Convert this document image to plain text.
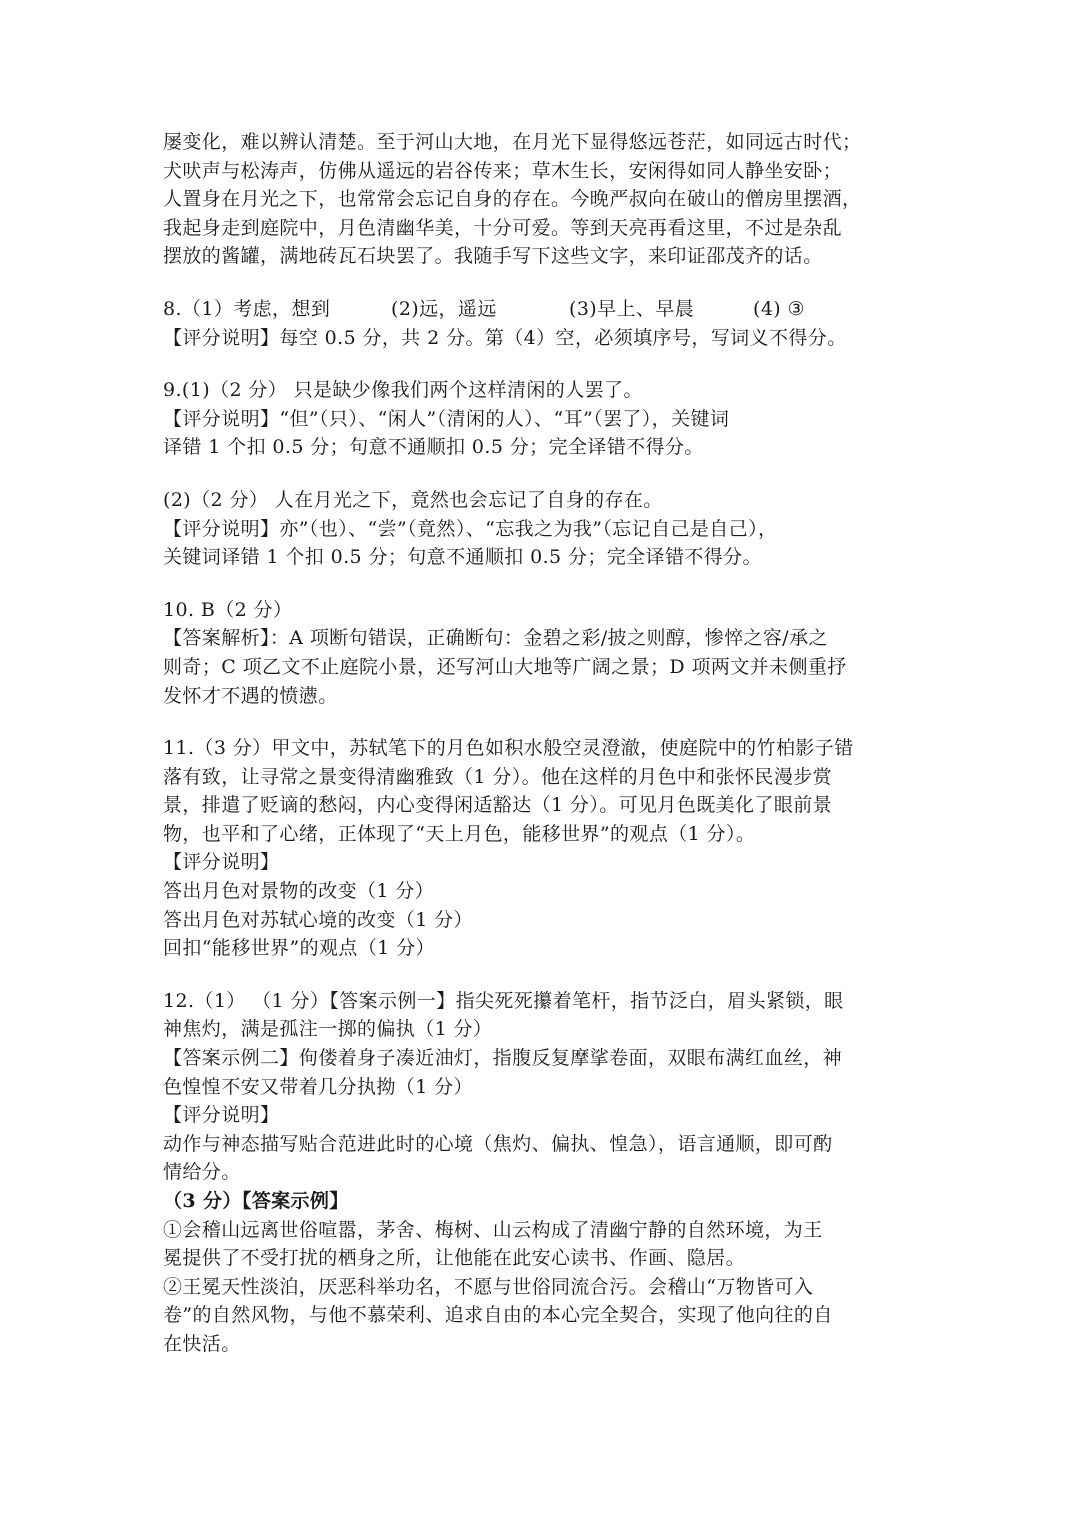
屡变化，难以辨认清楚。至于河山大地，在月光下显得悠远苍茫，如同远古时代；
犬吠声与松涛声，仿佛从遥远的岩谷传来；草木生长，安闲得如同人静坐安卧；
人置身在月光之下，也常常会忘记自身的存在。今晚严叔向在破山的僧房里摆酒，
我起身走到庭院中，月色清幽华美，十分可爱。等到天亮再看这里，不过是杂乱
摆放的酱罐，满地砖瓦石块罢了。我随手写下这些文字，来印证邵茂齐的话。
8.（1）考虑，想到	(2)远，遥远	(3)早上、早晨	(4) ③
【评分说明】每空 0.5 分，共 2 分。第（4）空，必须填序号，写词义不得分。
9.(1)（2 分） 只是缺少像我们两个这样清闲的人罢了。
【评分说明】“但”（只）、“闲人”（清闲的人）、“耳”（罢了），关键词
译错 1 个扣 0.5 分；句意不通顺扣 0.5 分；完全译错不得分。
(2)（2 分） 人在月光之下，竟然也会忘记了自身的存在。
【评分说明】亦”（也）、“尝”（竟然）、“忘我之为我”（忘记自己是自己），
关键词译错 1 个扣 0.5 分；句意不通顺扣 0.5 分；完全译错不得分。
10. B（2 分）
【答案解析】：A 项断句错误，正确断句：金碧之彩/披之则醇，惨悴之容/承之
则奇；C 项乙文不止庭院小景，还写河山大地等广阔之景；D 项两文并未侧重抒
发怀才不遇的愤懑。
11.（3 分）甲文中，苏轼笔下的月色如积水般空灵澄澈，使庭院中的竹柏影子错
落有致，让寻常之景变得清幽雅致（1 分）。他在这样的月色中和张怀民漫步赏
景，排遣了贬谪的愁闷，内心变得闲适豁达（1 分）。可见月色既美化了眼前景
物，也平和了心绪，正体现了“天上月色，能移世界”的观点（1 分）。
【评分说明】
答出月色对景物的改变（1 分）
答出月色对苏轼心境的改变（1 分）
回扣“能移世界”的观点（1 分）
12.（1） （1 分）【答案示例一】指尖死死攥着笔杆，指节泛白，眉头紧锁，眼
神焦灼，满是孤注一掷的偏执（1 分）
【答案示例二】佝偻着身子凑近油灯，指腹反复摩挲卷面，双眼布满红血丝，神
色惶惶不安又带着几分执拗（1 分）
【评分说明】
动作与神态描写贴合范进此时的心境（焦灼、偏执、惶急），语言通顺，即可酌
情给分。
（3 分）【答案示例】
①会稽山远离世俗喧嚣，茅舍、梅树、山云构成了清幽宁静的自然环境，为王
冕提供了不受打扰的栖身之所，让他能在此安心读书、作画、隐居。
②王冕天性淡泊，厌恶科举功名，不愿与世俗同流合污。会稽山“万物皆可入
卷”的自然风物，与他不慕荣利、追求自由的本心完全契合，实现了他向往的自
在快活。
